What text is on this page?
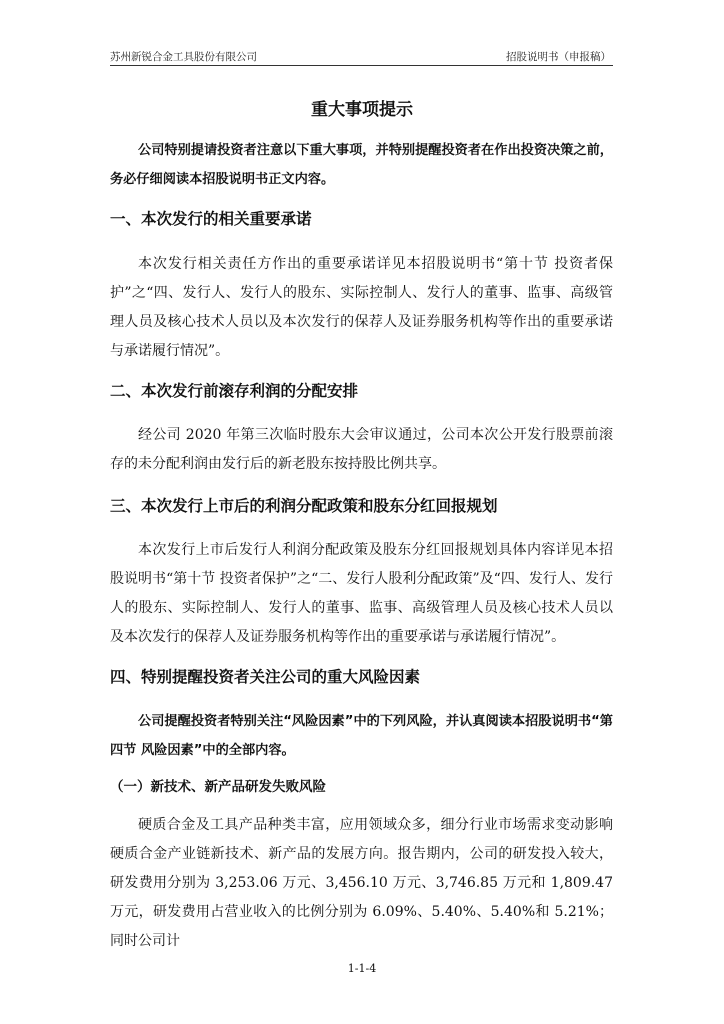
苏州新锐合金工具股份有限公司	招股说明书（申报稿）
重大事项提示
公司特别提请投资者注意以下重大事项，并特别提醒投资者在作出投资决策之前，务必仔细阅读本招股说明书正文内容。
一、本次发行的相关重要承诺
本次发行相关责任方作出的重要承诺详见本招股说明书“第十节 投资者保护”之“四、发行人、发行人的股东、实际控制人、发行人的董事、监事、高级管理人员及核心技术人员以及本次发行的保荐人及证券服务机构等作出的重要承诺与承诺履行情况”。
二、本次发行前滚存利润的分配安排
经公司 2020 年第三次临时股东大会审议通过，公司本次公开发行股票前滚存的未分配利润由发行后的新老股东按持股比例共享。
三、本次发行上市后的利润分配政策和股东分红回报规划
本次发行上市后发行人利润分配政策及股东分红回报规划具体内容详见本招股说明书“第十节 投资者保护”之“二、发行人股利分配政策”及“四、发行人、发行人的股东、实际控制人、发行人的董事、监事、高级管理人员及核心技术人员以及本次发行的保荐人及证券服务机构等作出的重要承诺与承诺履行情况”。
四、特别提醒投资者关注公司的重大风险因素
公司提醒投资者特别关注“风险因素”中的下列风险，并认真阅读本招股说明书“第四节 风险因素”中的全部内容。
（一）新技术、新产品研发失败风险
硬质合金及工具产品种类丰富，应用领域众多，细分行业市场需求变动影响硬质合金产业链新技术、新产品的发展方向。报告期内，公司的研发投入较大，研发费用分别为 3,253.06 万元、3,456.10 万元、3,746.85 万元和 1,809.47 万元，研发费用占营业收入的比例分别为 6.09%、5.40%、5.40%和 5.21%；同时公司计
1-1-4
